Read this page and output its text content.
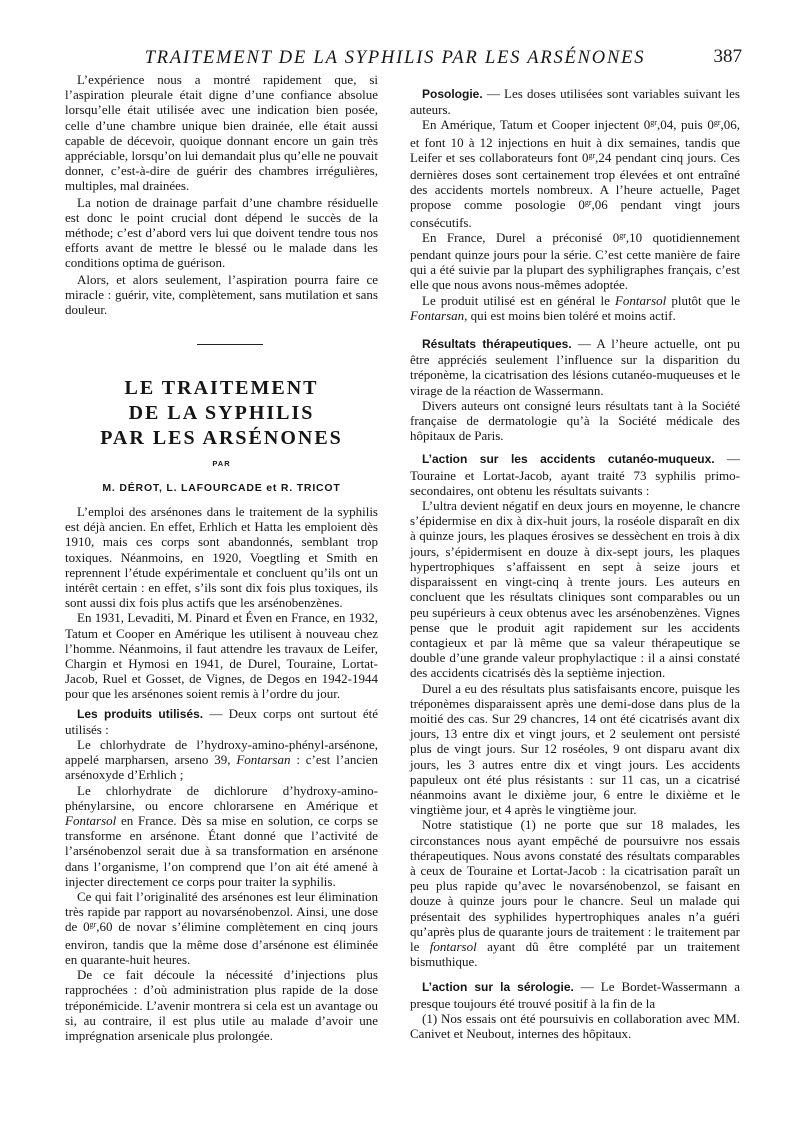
TRAITEMENT DE LA SYPHILIS PAR LES ARSÉNONES	387

L’expérience nous a montré rapidement que, si l’aspiration pleurale était digne d’une confiance absolue lorsqu’elle était utilisée avec une indication bien posée, celle d’une chambre unique bien drainée, elle était aussi capable de décevoir, quoique donnant encore un gain très appréciable, lorsqu’on lui demandait plus qu’elle ne pouvait donner, c’est-à-dire de guérir des chambres irrégulières, multiples, mal drainées.

La notion de drainage parfait d’une chambre résiduelle est donc le point crucial dont dépend le succès de la méthode; c’est d’abord vers lui que doivent tendre tous nos efforts avant de mettre le blessé ou le malade dans les conditions optima de guérison.

Alors, et alors seulement, l’aspiration pourra faire ce miracle : guérir, vite, complètement, sans mutilation et sans douleur.

LE TRAITEMENT
DE LA SYPHILIS
PAR LES ARSÉNONES
PAR
M. DÉROT, L. LAFOURCADE et R. TRICOT

L’emploi des arsénones dans le traitement de la syphilis est déjà ancien. En effet, Erhlich et Hatta les emploient dès 1910, mais ces corps sont abandonnés, semblant trop toxiques. Néanmoins, en 1920, Voegtling et Smith en reprennent l’étude expérimentale et concluent qu’ils ont un intérêt certain : en effet, s’ils sont dix fois plus toxiques, ils sont aussi dix fois plus actifs que les arsénobenzènes.

En 1931, Levaditi, M. Pinard et Éven en France, en 1932, Tatum et Cooper en Amérique les utilisent à nouveau chez l’homme. Néanmoins, il faut attendre les travaux de Leifer, Chargin et Hymosi en 1941, de Durel, Touraine, Lortat-Jacob, Ruel et Gosset, de Vignes, de Degos en 1942-1944 pour que les arsénones soient remis à l’ordre du jour.

Les produits utilisés. — Deux corps ont surtout été utilisés :

Le chlorhydrate de l’hydroxy-amino-phényl-arsénone, appelé marpharsen, arseno 39, Fontarsan : c’est l’ancien arsénoxyde d’Erhlich ;

Le chlorhydrate de dichlorure d’hydroxy-amino-phénylarsine, ou encore chlorarsene en Amérique et Fontarsol en France. Dès sa mise en solution, ce corps se transforme en arsénone. Étant donné que l’activité de l’arsénobenzol serait due à sa transformation en arsénone dans l’organisme, l’on comprend que l’on ait été amené à injecter directement ce corps pour traiter la syphilis.

Ce qui fait l’originalité des arsénones est leur élimination très rapide par rapport au novarsénobenzol. Ainsi, une dose de $0^{gr},60$ de novar s’élimine complètement en cinq jours environ, tandis que la même dose d’arsénone est éliminée en quarante-huit heures.

De ce fait découle la nécessité d’injections plus rapprochées : d’où administration plus rapide de la dose tréponémicide. L’avenir montrera si cela est un avantage ou si, au contraire, il est plus utile au malade d’avoir une imprégnation arsenicale plus prolongée.

Posologie. — Les doses utilisées sont variables suivant les auteurs.

En Amérique, Tatum et Cooper injectent $0^{gr},04$, puis $0^{gr},06$, et font 10 à 12 injections en huit à dix semaines, tandis que Leifer et ses collaborateurs font $0^{gr},24$ pendant cinq jours. Ces dernières doses sont certainement trop élevées et ont entraîné des accidents mortels nombreux. A l’heure actuelle, Paget propose comme posologie $0^{gr},06$ pendant vingt jours consécutifs.

En France, Durel a préconisé $0^{gr},10$ quotidiennement pendant quinze jours pour la série. C’est cette manière de faire qui a été suivie par la plupart des syphiligraphes français, c’est elle que nous avons nous-mêmes adoptée.

Le produit utilisé est en général le Fontarsol plutôt que le Fontarsan, qui est moins bien toléré et moins actif.

Résultats thérapeutiques. — A l’heure actuelle, ont pu être appréciés seulement l’influence sur la disparition du tréponème, la cicatrisation des lésions cutanéo-muqueuses et le virage de la réaction de Wassermann.

Divers auteurs ont consigné leurs résultats tant à la Société française de dermatologie qu’à la Société médicale des hôpitaux de Paris.

L’action sur les accidents cutanéo-muqueux. — Touraine et Lortat-Jacob, ayant traité 73 syphilis primo-secondaires, ont obtenu les résultats suivants :

L’ultra devient négatif en deux jours en moyenne, le chancre s’épidermise en dix à dix-huit jours, la roséole disparaît en dix à quinze jours, les plaques érosives se dessèchent en trois à dix jours, s’épidermisent en douze à dix-sept jours, les plaques hypertrophiques s’affaissent en sept à seize jours et disparaissent en vingt-cinq à trente jours. Les auteurs en concluent que les résultats cliniques sont comparables ou un peu supérieurs à ceux obtenus avec les arsénobenzènes. Vignes pense que le produit agit rapidement sur les accidents contagieux et par là même que sa valeur thérapeutique se double d’une grande valeur prophylactique : il a ainsi constaté des accidents cicatrisés dès la septième injection.

Durel a eu des résultats plus satisfaisants encore, puisque les tréponèmes disparaissent après une demi-dose dans plus de la moitié des cas. Sur 29 chancres, 14 ont été cicatrisés avant dix jours, 13 entre dix et vingt jours, et 2 seulement ont persisté plus de vingt jours. Sur 12 roséoles, 9 ont disparu avant dix jours, les 3 autres entre dix et vingt jours. Les accidents papuleux ont été plus résistants : sur 11 cas, un a cicatrisé néanmoins avant le dixième jour, 6 entre le dixième et le vingtième jour, et 4 après le vingtième jour.

Notre statistique (1) ne porte que sur 18 malades, les circonstances nous ayant empêché de poursuivre nos essais thérapeutiques. Nous avons constaté des résultats comparables à ceux de Touraine et Lortat-Jacob : la cicatrisation paraît un peu plus rapide qu’avec le novarsénobenzol, se faisant en douze à quinze jours pour le chancre. Seul un malade qui présentait des syphilides hypertrophiques anales n’a guéri qu’après plus de quarante jours de traitement : le traitement par le fontarsol ayant dû être complété par un traitement bismuthique.

L’action sur la sérologie. — Le Bordet-Wassermann a presque toujours été trouvé positif à la fin de la

(1) Nos essais ont été poursuivis en collaboration avec MM. Canivet et Neubout, internes des hôpitaux.
